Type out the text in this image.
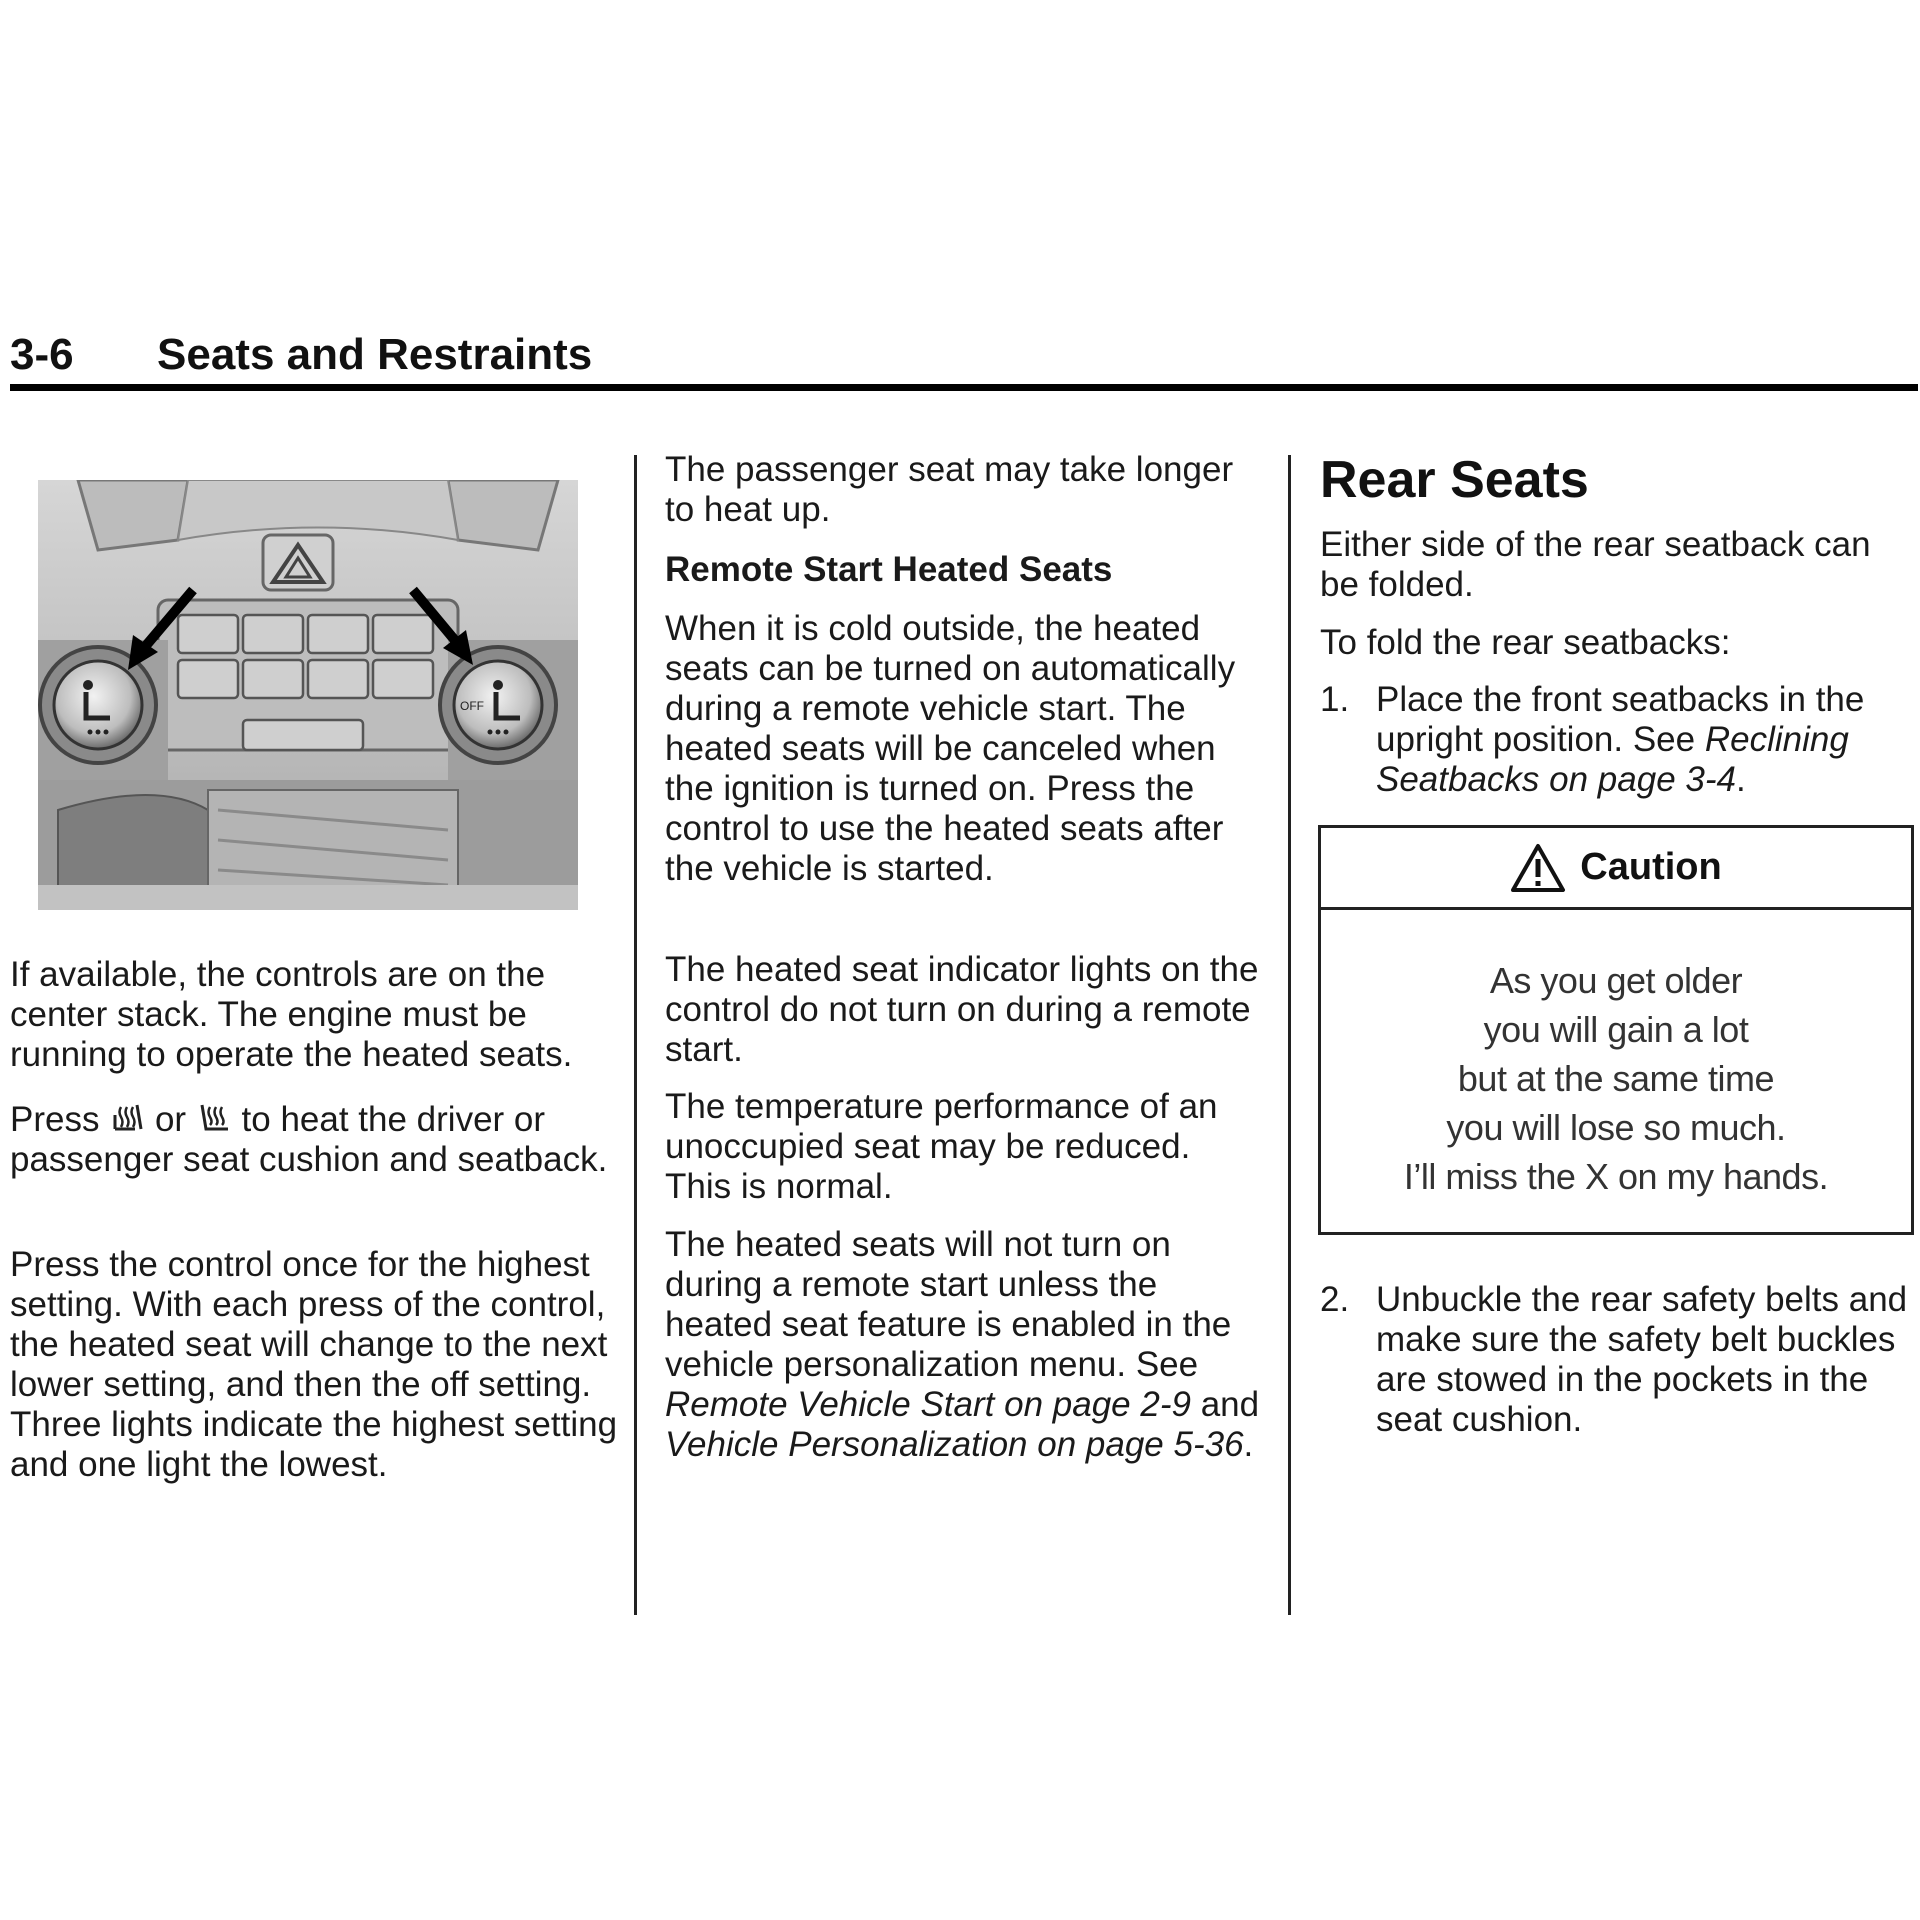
3-6 Seats and Restraints
OFF

If available, the controls are on the center stack. The engine must be running to operate the heated seats.

Press or to heat the driver or passenger seat cushion and seatback.

Press the control once for the highest setting. With each press of the control, the heated seat will change to the next lower setting, and then the off setting. Three lights indicate the highest setting and one light the lowest.

The passenger seat may take longer to heat up.

Remote Start Heated Seats

When it is cold outside, the heated seats can be turned on automatically during a remote vehicle start. The heated seats will be canceled when the ignition is turned on. Press the control to use the heated seats after the vehicle is started.

The heated seat indicator lights on the control do not turn on during a remote start.

The temperature performance of an unoccupied seat may be reduced. This is normal.

The heated seats will not turn on during a remote start unless the heated seat feature is enabled in the vehicle personalization menu. See Remote Vehicle Start on page 2-9 and Vehicle Personalization on page 5-36.

Rear Seats

Either side of the rear seatback can be folded.

To fold the rear seatbacks:

1. Place the front seatbacks in the upright position. See Reclining Seatbacks on page 3-4.

Caution
As you get older
you will gain a lot
but at the same time
you will lose so much.
I’ll miss the X on my hands.
2. Unbuckle the rear safety belts and make sure the safety belt buckles are stowed in the pockets in the seat cushion.
